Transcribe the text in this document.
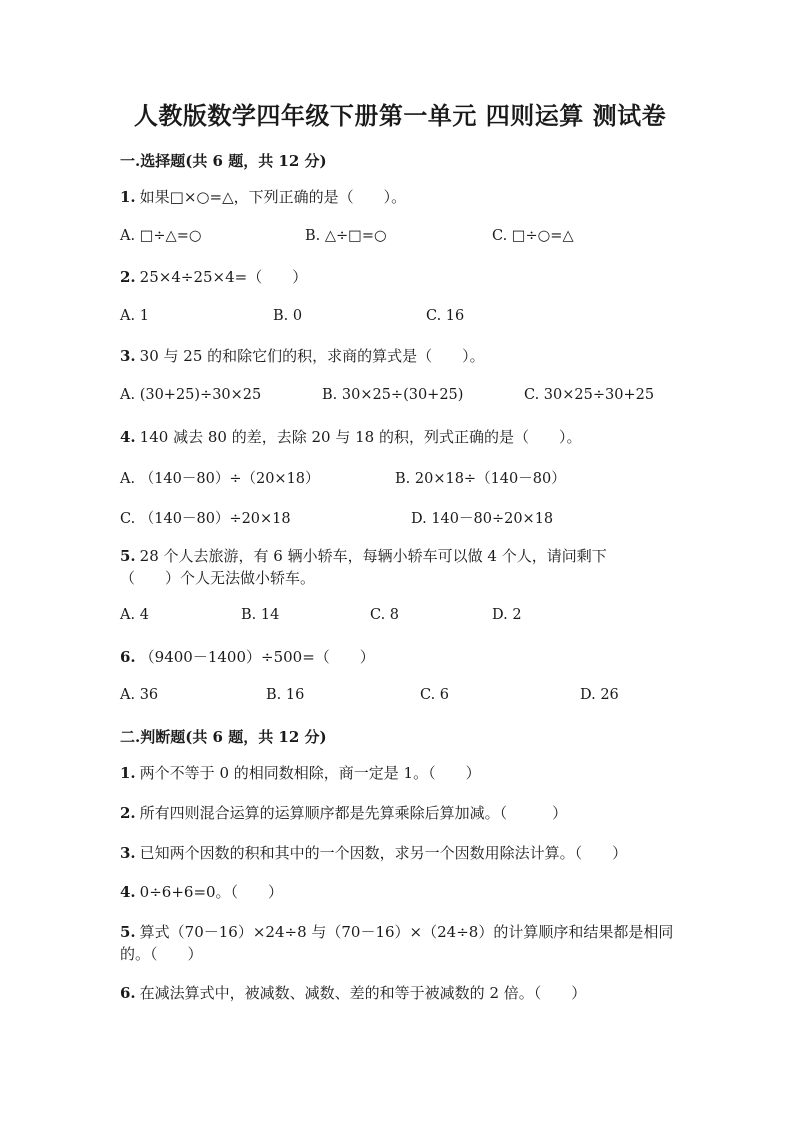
人教版数学四年级下册第一单元 四则运算 测试卷
一.选择题(共 6 题，共 12 分)
1. 如果□×○=△，下列正确的是（　　）。
A. □÷△=○	B. △÷□=○	C. □÷○=△
2. 25×4÷25×4=（　　）
A. 1	B. 0	C. 16
3. 30 与 25 的和除它们的积，求商的算式是（　　）。
A. (30+25)÷30×25	B. 30×25÷(30+25)	C. 30×25÷30+25
4. 140 减去 80 的差，去除 20 与 18 的积，列式正确的是（　　）。
A. （140－80）÷（20×18）	B. 20×18÷（140－80）
C. （140－80）÷20×18	D. 140－80÷20×18
5. 28 个人去旅游，有 6 辆小轿车，每辆小轿车可以做 4 个人，请问剩下（　　）个人无法做小轿车。
A. 4	B. 14	C. 8	D. 2
6. （9400－1400）÷500=（　　）
A. 36	B. 16	C. 6	D. 26
二.判断题(共 6 题，共 12 分)
1. 两个不等于 0 的相同数相除，商一定是 1。（　　）
2. 所有四则混合运算的运算顺序都是先算乘除后算加减。（　　　）
3. 已知两个因数的积和其中的一个因数，求另一个因数用除法计算。（　　）
4. 0÷6+6=0。（　　）
5. 算式（70－16）×24÷8 与（70－16）×（24÷8）的计算顺序和结果都是相同的。（　　）
6. 在减法算式中，被减数、减数、差的和等于被减数的 2 倍。（　　）
